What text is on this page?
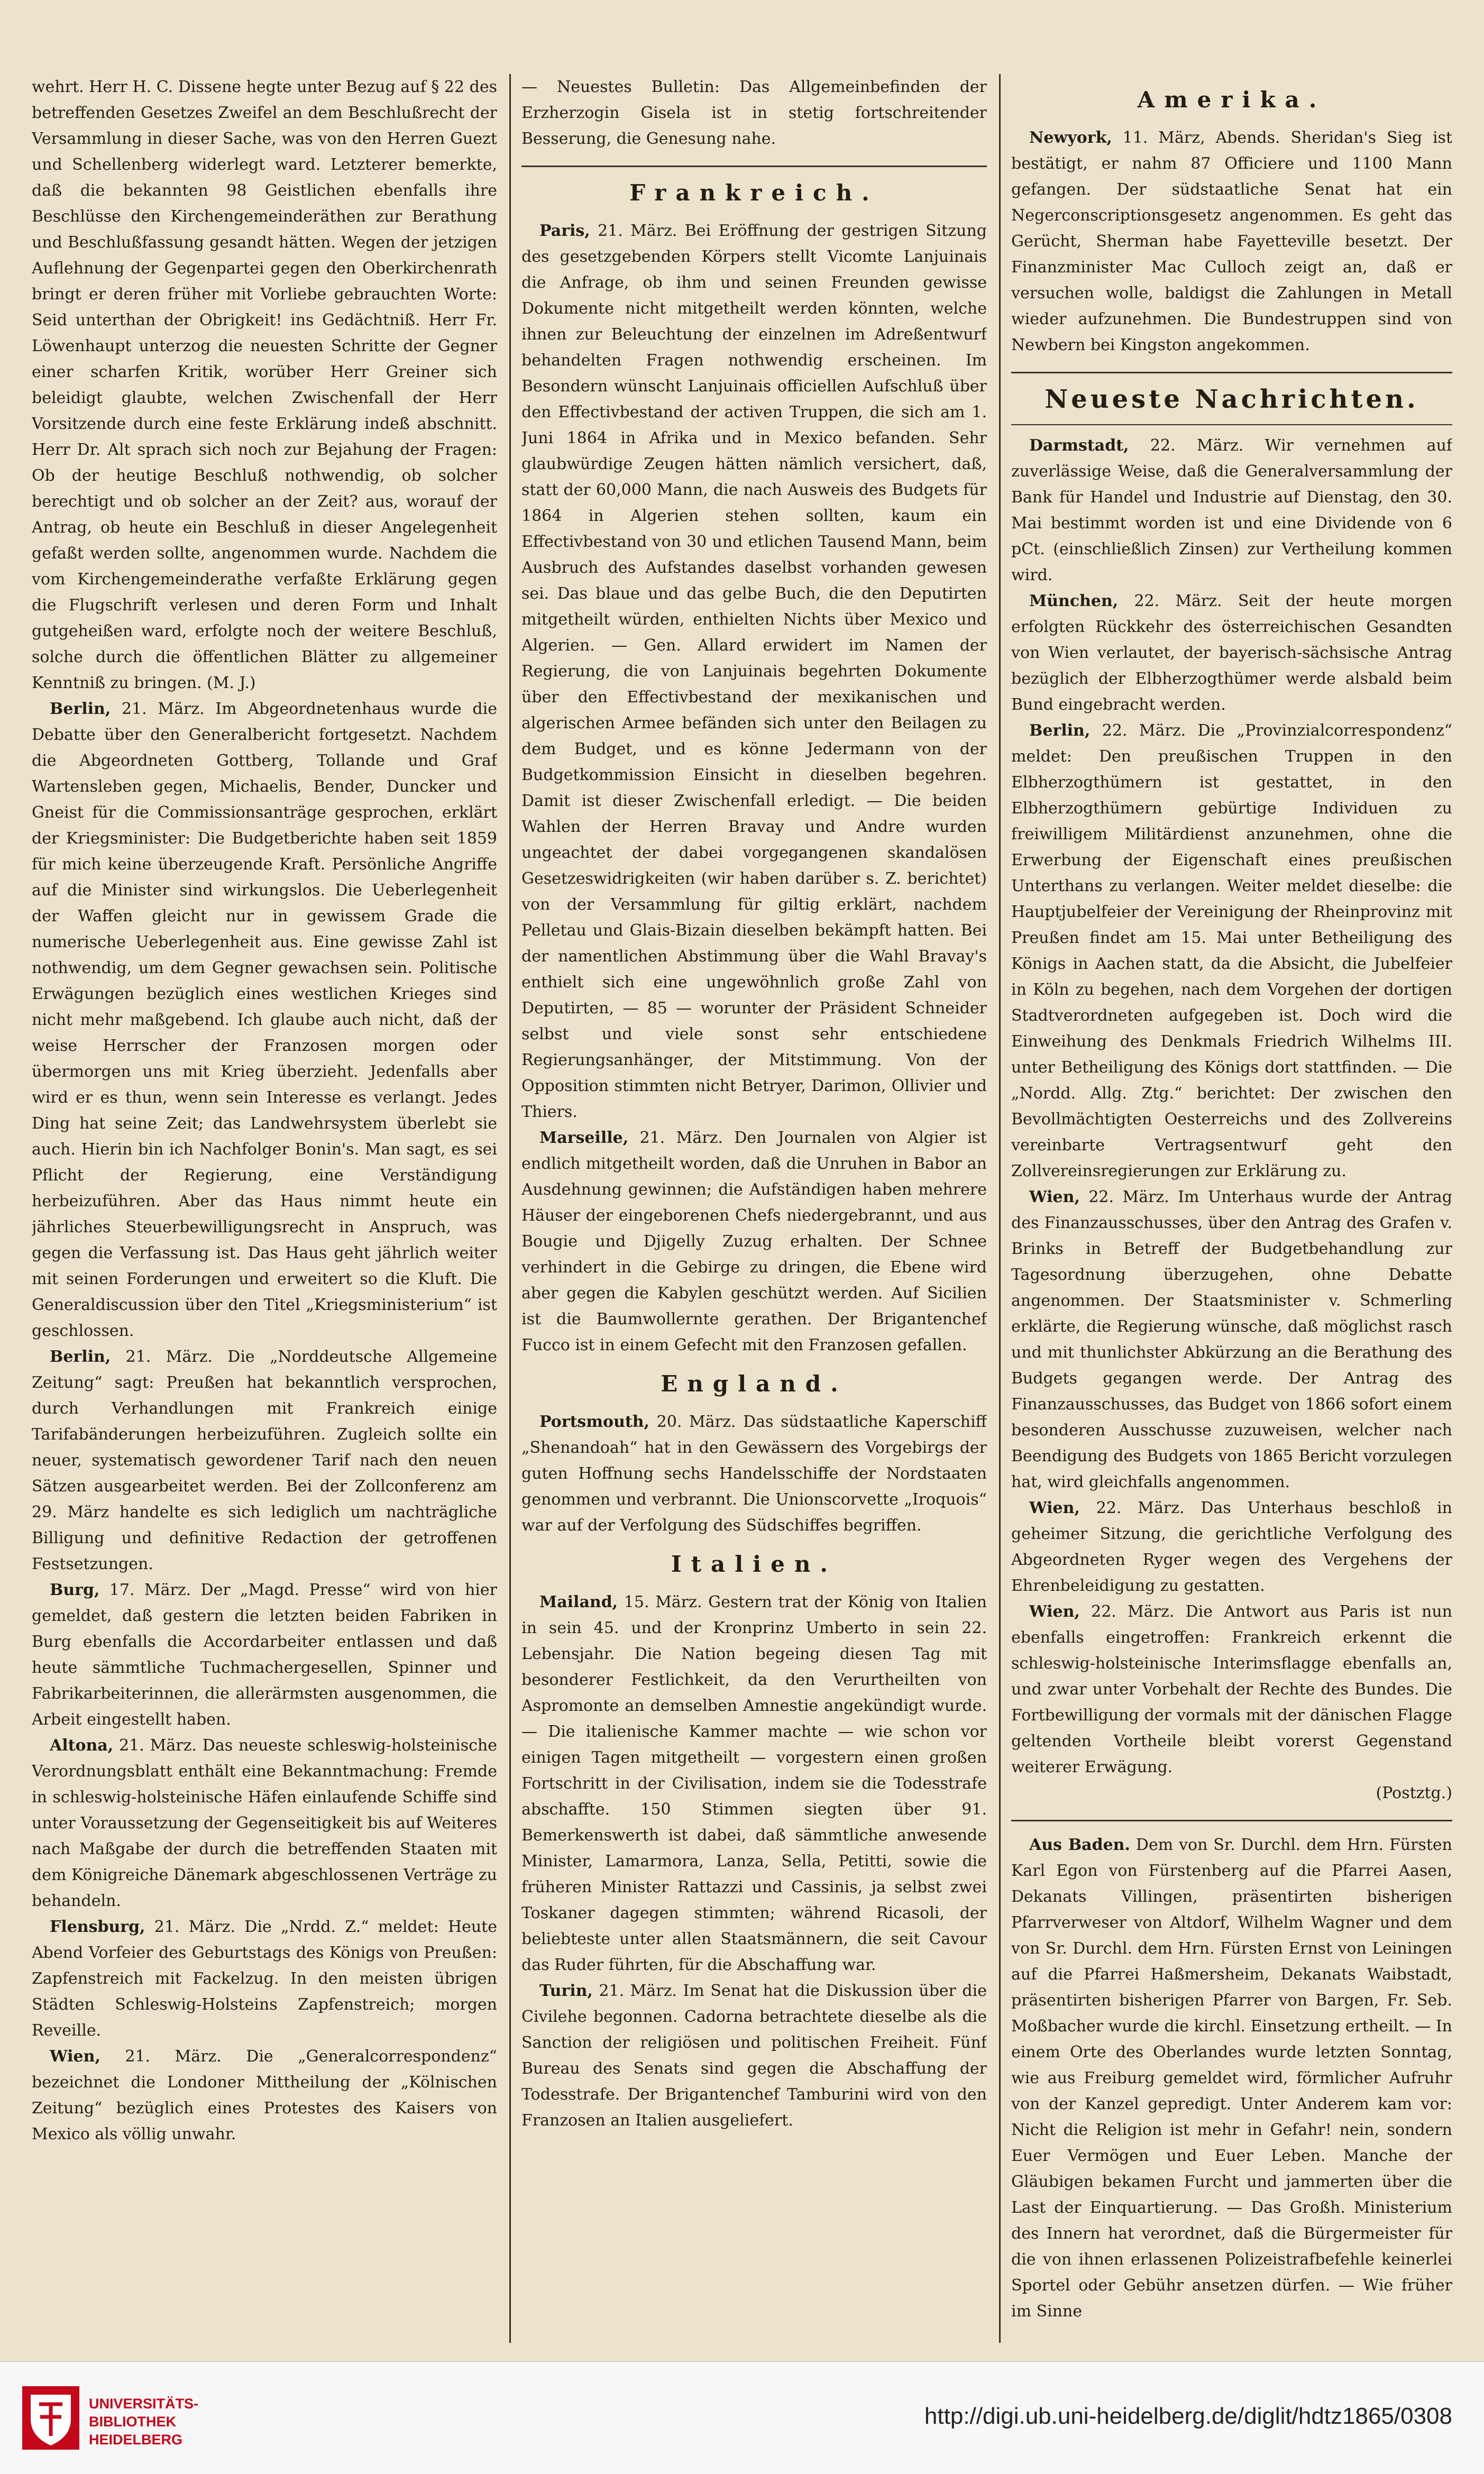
wehrt. Herr H. C. Dissene hegte unter Bezug auf § 22 des betreffenden Gesetzes Zweifel an dem Beschlußrecht der Versammlung in dieser Sache, was von den Herren Guezt und Schellenberg widerlegt ward. Letzterer bemerkte, daß die bekannten 98 Geistlichen ebenfalls ihre Beschlüsse den Kirchengemeinderäthen zur Berathung und Beschlußfassung gesandt hätten. Wegen der jetzigen Auflehnung der Gegenpartei gegen den Oberkirchenrath bringt er deren früher mit Vorliebe gebrauchten Worte: Seid unterthan der Obrigkeit! ins Gedächtniß. Herr Fr. Löwenhaupt unterzog die neuesten Schritte der Gegner einer scharfen Kritik, worüber Herr Greiner sich beleidigt glaubte, welchen Zwischenfall der Herr Vorsitzende durch eine feste Erklärung indeß abschnitt. Herr Dr. Alt sprach sich noch zur Bejahung der Fragen: Ob der heutige Beschluß nothwendig, ob solcher berechtigt und ob solcher an der Zeit? aus, worauf der Antrag, ob heute ein Beschluß in dieser Angelegenheit gefaßt werden sollte, angenommen wurde. Nachdem die vom Kirchengemeinderathe verfaßte Erklärung gegen die Flugschrift verlesen und deren Form und Inhalt gutgeheißen ward, erfolgte noch der weitere Beschluß, solche durch die öffentlichen Blätter zu allgemeiner Kenntniß zu bringen. (M. J.)

Berlin, 21. März. Im Abgeordnetenhaus wurde die Debatte über den Generalbericht fortgesetzt. Nachdem die Abgeordneten Gottberg, Tollande und Graf Wartensleben gegen, Michaelis, Bender, Duncker und Gneist für die Commissionsanträge gesprochen, erklärt der Kriegsminister: Die Budgetberichte haben seit 1859 für mich keine überzeugende Kraft. Persönliche Angriffe auf die Minister sind wirkungslos. Die Ueberlegenheit der Waffen gleicht nur in gewissem Grade die numerische Ueberlegenheit aus. Eine gewisse Zahl ist nothwendig, um dem Gegner gewachsen sein. Politische Erwägungen bezüglich eines westlichen Krieges sind nicht mehr maßgebend. Ich glaube auch nicht, daß der weise Herrscher der Franzosen morgen oder übermorgen uns mit Krieg überzieht. Jedenfalls aber wird er es thun, wenn sein Interesse es verlangt. Jedes Ding hat seine Zeit; das Landwehrsystem überlebt sie auch. Hierin bin ich Nachfolger Bonin's. Man sagt, es sei Pflicht der Regierung, eine Verständigung herbeizuführen. Aber das Haus nimmt heute ein jährliches Steuerbewilligungsrecht in Anspruch, was gegen die Verfassung ist. Das Haus geht jährlich weiter mit seinen Forderungen und erweitert so die Kluft. Die Generaldiscussion über den Titel „Kriegsministerium“ ist geschlossen.

Berlin, 21. März. Die „Norddeutsche Allgemeine Zeitung“ sagt: Preußen hat bekanntlich versprochen, durch Verhandlungen mit Frankreich einige Tarifabänderungen herbeizuführen. Zugleich sollte ein neuer, systematisch gewordener Tarif nach den neuen Sätzen ausgearbeitet werden. Bei der Zollconferenz am 29. März handelte es sich lediglich um nachträgliche Billigung und definitive Redaction der getroffenen Festsetzungen.

Burg, 17. März. Der „Magd. Presse“ wird von hier gemeldet, daß gestern die letzten beiden Fabriken in Burg ebenfalls die Accordarbeiter entlassen und daß heute sämmtliche Tuchmachergesellen, Spinner und Fabrikarbeiterinnen, die allerärmsten ausgenommen, die Arbeit eingestellt haben.

Altona, 21. März. Das neueste schleswig-holsteinische Verordnungsblatt enthält eine Bekanntmachung: Fremde in schleswig-holsteinische Häfen einlaufende Schiffe sind unter Voraussetzung der Gegenseitigkeit bis auf Weiteres nach Maßgabe der durch die betreffenden Staaten mit dem Königreiche Dänemark abgeschlossenen Verträge zu behandeln.

Flensburg, 21. März. Die „Nrdd. Z.“ meldet: Heute Abend Vorfeier des Geburtstags des Königs von Preußen: Zapfenstreich mit Fackelzug. In den meisten übrigen Städten Schleswig-Holsteins Zapfenstreich; morgen Reveille.

Wien, 21. März. Die „Generalcorrespondenz“ bezeichnet die Londoner Mittheilung der „Kölnischen Zeitung“ bezüglich eines Protestes des Kaisers von Mexico als völlig unwahr.

— Neuestes Bulletin: Das Allgemeinbefinden der Erzherzogin Gisela ist in stetig fortschreitender Besserung, die Genesung nahe.

Frankreich.

Paris, 21. März. Bei Eröffnung der gestrigen Sitzung des gesetzgebenden Körpers stellt Vicomte Lanjuinais die Anfrage, ob ihm und seinen Freunden gewisse Dokumente nicht mitgetheilt werden könnten, welche ihnen zur Beleuchtung der einzelnen im Adreßentwurf behandelten Fragen nothwendig erscheinen. Im Besondern wünscht Lanjuinais officiellen Aufschluß über den Effectivbestand der activen Truppen, die sich am 1. Juni 1864 in Afrika und in Mexico befanden. Sehr glaubwürdige Zeugen hätten nämlich versichert, daß, statt der 60,000 Mann, die nach Ausweis des Budgets für 1864 in Algerien stehen sollten, kaum ein Effectivbestand von 30 und etlichen Tausend Mann, beim Ausbruch des Aufstandes daselbst vorhanden gewesen sei. Das blaue und das gelbe Buch, die den Deputirten mitgetheilt würden, enthielten Nichts über Mexico und Algerien. — Gen. Allard erwidert im Namen der Regierung, die von Lanjuinais begehrten Dokumente über den Effectivbestand der mexikanischen und algerischen Armee befänden sich unter den Beilagen zu dem Budget, und es könne Jedermann von der Budgetkommission Einsicht in dieselben begehren. Damit ist dieser Zwischenfall erledigt. — Die beiden Wahlen der Herren Bravay und Andre wurden ungeachtet der dabei vorgegangenen skandalösen Gesetzeswidrigkeiten (wir haben darüber s. Z. berichtet) von der Versammlung für giltig erklärt, nachdem Pelletau und Glais-Bizain dieselben bekämpft hatten. Bei der namentlichen Abstimmung über die Wahl Bravay's enthielt sich eine ungewöhnlich große Zahl von Deputirten, — 85 — worunter der Präsident Schneider selbst und viele sonst sehr entschiedene Regierungsanhänger, der Mitstimmung. Von der Opposition stimmten nicht Betryer, Darimon, Ollivier und Thiers.

Marseille, 21. März. Den Journalen von Algier ist endlich mitgetheilt worden, daß die Unruhen in Babor an Ausdehnung gewinnen; die Aufständigen haben mehrere Häuser der eingeborenen Chefs niedergebrannt, und aus Bougie und Djigelly Zuzug erhalten. Der Schnee verhindert in die Gebirge zu dringen, die Ebene wird aber gegen die Kabylen geschützt werden. Auf Sicilien ist die Baumwollernte gerathen. Der Brigantenchef Fucco ist in einem Gefecht mit den Franzosen gefallen.

England.

Portsmouth, 20. März. Das südstaatliche Kaperschiff „Shenandoah“ hat in den Gewässern des Vorgebirgs der guten Hoffnung sechs Handelsschiffe der Nordstaaten genommen und verbrannt. Die Unionscorvette „Iroquois“ war auf der Verfolgung des Südschiffes begriffen.

Italien.

Mailand, 15. März. Gestern trat der König von Italien in sein 45. und der Kronprinz Umberto in sein 22. Lebensjahr. Die Nation begeing diesen Tag mit besonderer Festlichkeit, da den Verurtheilten von Aspromonte an demselben Amnestie angekündigt wurde. — Die italienische Kammer machte — wie schon vor einigen Tagen mitgetheilt — vorgestern einen großen Fortschritt in der Civilisation, indem sie die Todesstrafe abschaffte. 150 Stimmen siegten über 91. Bemerkenswerth ist dabei, daß sämmtliche anwesende Minister, Lamarmora, Lanza, Sella, Petitti, sowie die früheren Minister Rattazzi und Cassinis, ja selbst zwei Toskaner dagegen stimmten; während Ricasoli, der beliebteste unter allen Staatsmännern, die seit Cavour das Ruder führten, für die Abschaffung war.

Turin, 21. März. Im Senat hat die Diskussion über die Civilehe begonnen. Cadorna betrachtete dieselbe als die Sanction der religiösen und politischen Freiheit. Fünf Bureau des Senats sind gegen die Abschaffung der Todesstrafe. Der Brigantenchef Tamburini wird von den Franzosen an Italien ausgeliefert.

Amerika.

Newyork, 11. März, Abends. Sheridan's Sieg ist bestätigt, er nahm 87 Officiere und 1100 Mann gefangen. Der südstaatliche Senat hat ein Negerconscriptionsgesetz angenommen. Es geht das Gerücht, Sherman habe Fayetteville besetzt. Der Finanzminister Mac Culloch zeigt an, daß er versuchen wolle, baldigst die Zahlungen in Metall wieder aufzunehmen. Die Bundestruppen sind von Newbern bei Kingston angekommen.

Neueste Nachrichten.

Darmstadt, 22. März. Wir vernehmen auf zuverlässige Weise, daß die Generalversammlung der Bank für Handel und Industrie auf Dienstag, den 30. Mai bestimmt worden ist und eine Dividende von 6 pCt. (einschließlich Zinsen) zur Vertheilung kommen wird.

München, 22. März. Seit der heute morgen erfolgten Rückkehr des österreichischen Gesandten von Wien verlautet, der bayerisch-sächsische Antrag bezüglich der Elbherzogthümer werde alsbald beim Bund eingebracht werden.

Berlin, 22. März. Die „Provinzialcorrespondenz“ meldet: Den preußischen Truppen in den Elbherzogthümern ist gestattet, in den Elbherzogthümern gebürtige Individuen zu freiwilligem Militärdienst anzunehmen, ohne die Erwerbung der Eigenschaft eines preußischen Unterthans zu verlangen. Weiter meldet dieselbe: die Hauptjubelfeier der Vereinigung der Rheinprovinz mit Preußen findet am 15. Mai unter Betheiligung des Königs in Aachen statt, da die Absicht, die Jubelfeier in Köln zu begehen, nach dem Vorgehen der dortigen Stadtverordneten aufgegeben ist. Doch wird die Einweihung des Denkmals Friedrich Wilhelms III. unter Betheiligung des Königs dort stattfinden. — Die „Nordd. Allg. Ztg.“ berichtet: Der zwischen den Bevollmächtigten Oesterreichs und des Zollvereins vereinbarte Vertragsentwurf geht den Zollvereinsregierungen zur Erklärung zu.

Wien, 22. März. Im Unterhaus wurde der Antrag des Finanzausschusses, über den Antrag des Grafen v. Brinks in Betreff der Budgetbehandlung zur Tagesordnung überzugehen, ohne Debatte angenommen. Der Staatsminister v. Schmerling erklärte, die Regierung wünsche, daß möglichst rasch und mit thunlichster Abkürzung an die Berathung des Budgets gegangen werde. Der Antrag des Finanzausschusses, das Budget von 1866 sofort einem besonderen Ausschusse zuzuweisen, welcher nach Beendigung des Budgets von 1865 Bericht vorzulegen hat, wird gleichfalls angenommen.

Wien, 22. März. Das Unterhaus beschloß in geheimer Sitzung, die gerichtliche Verfolgung des Abgeordneten Ryger wegen des Vergehens der Ehrenbeleidigung zu gestatten.

Wien, 22. März. Die Antwort aus Paris ist nun ebenfalls eingetroffen: Frankreich erkennt die schleswig-holsteinische Interimsflagge ebenfalls an, und zwar unter Vorbehalt der Rechte des Bundes. Die Fortbewilligung der vormals mit der dänischen Flagge geltenden Vortheile bleibt vorerst Gegenstand weiterer Erwägung.

(Postztg.)

Aus Baden. Dem von Sr. Durchl. dem Hrn. Fürsten Karl Egon von Fürstenberg auf die Pfarrei Aasen, Dekanats Villingen, präsentirten bisherigen Pfarrverweser von Altdorf, Wilhelm Wagner und dem von Sr. Durchl. dem Hrn. Fürsten Ernst von Leiningen auf die Pfarrei Haßmersheim, Dekanats Waibstadt, präsentirten bisherigen Pfarrer von Bargen, Fr. Seb. Moßbacher wurde die kirchl. Einsetzung ertheilt. — In einem Orte des Oberlandes wurde letzten Sonntag, wie aus Freiburg gemeldet wird, förmlicher Aufruhr von der Kanzel gepredigt. Unter Anderem kam vor: Nicht die Religion ist mehr in Gefahr! nein, sondern Euer Vermögen und Euer Leben. Manche der Gläubigen bekamen Furcht und jammerten über die Last der Einquartierung. — Das Großh. Ministerium des Innern hat verordnet, daß die Bürgermeister für die von ihnen erlassenen Polizeistrafbefehle keinerlei Sportel oder Gebühr ansetzen dürfen. — Wie früher im Sinne

UNIVERSITÄTS-
BIBLIOTHEK
HEIDELBERG
http://digi.ub.uni-heidelberg.de/diglit/hdtz1865/0308
